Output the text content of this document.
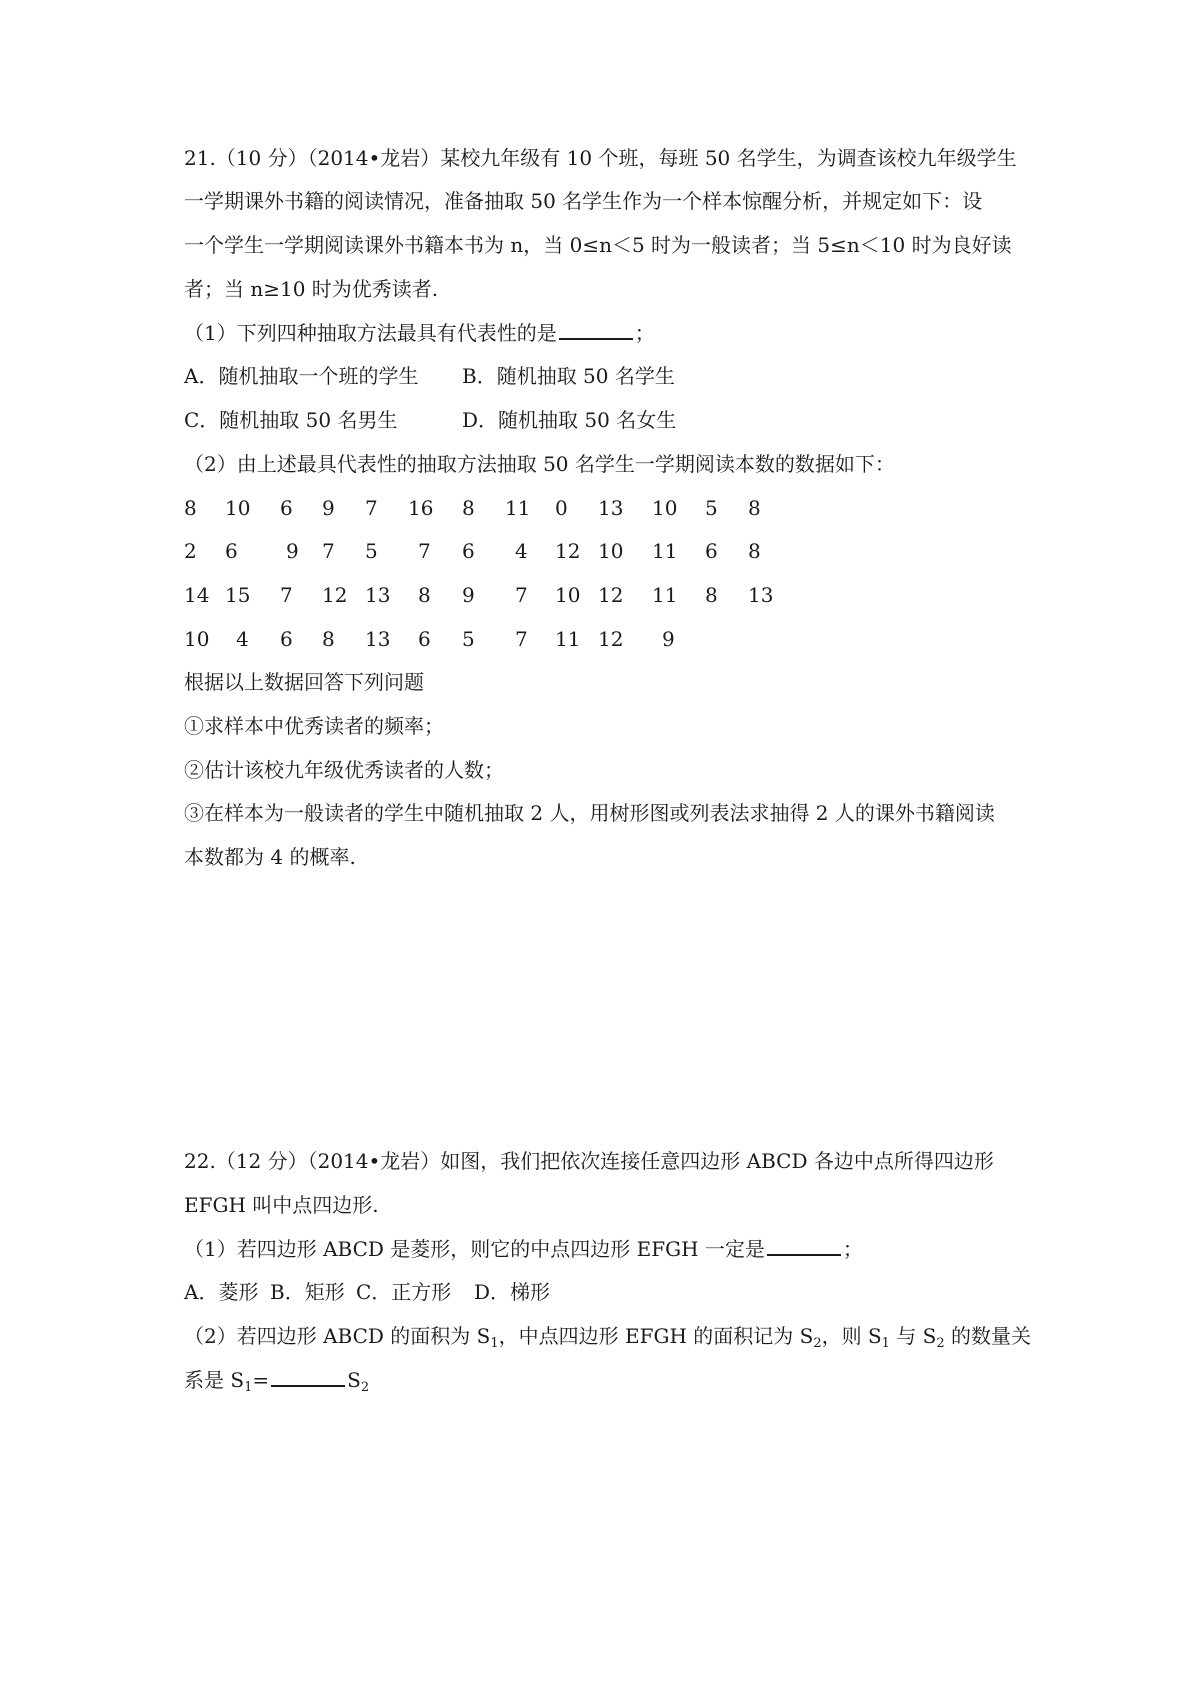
21.（10 分）（2014•龙岩）某校九年级有 10 个班，每班 50 名学生，为调查该校九年级学生
一学期课外书籍的阅读情况，准备抽取 50 名学生作为一个样本惊醒分析，并规定如下：设
一个学生一学期阅读课外书籍本书为 n，当 0≤n＜5 时为一般读者；当 5≤n＜10 时为良好读
者；当 n≥10 时为优秀读者.
（1）下列四种抽取方法最具有代表性的是	；
A．随机抽取一个班的学生 B．随机抽取 50 名学生
C．随机抽取 50 名男生	D．随机抽取 50 名女生
（2）由上述最具代表性的抽取方法抽取 50 名学生一学期阅读本数的数据如下：
8 10 6 9 7 16 8 11 0 13 10 5 8
2 6 9 7 5 7 6 4 12 10 11 6 8
14 15 7 12 13 8 9 7 10 12 11 8 13
10 4 6 8 13 6 5 7 11 12 9
根据以上数据回答下列问题
①求样本中优秀读者的频率；
②估计该校九年级优秀读者的人数；
③在样本为一般读者的学生中随机抽取 2 人，用树形图或列表法求抽得 2 人的课外书籍阅读
本数都为 4 的概率.
22.（12 分）（2014•龙岩）如图，我们把依次连接任意四边形 ABCD 各边中点所得四边形
EFGH 叫中点四边形.
（1）若四边形 ABCD 是菱形，则它的中点四边形 EFGH 一定是	；
A．菱形 B．矩形 C．正方形 D．梯形
（2）若四边形 ABCD 的面积为 $S_1$，中点四边形 EFGH 的面积记为 $S_2$，则 $S_1$ 与 $S_2$ 的数量关
系是 $S_1=$	$S_2$
